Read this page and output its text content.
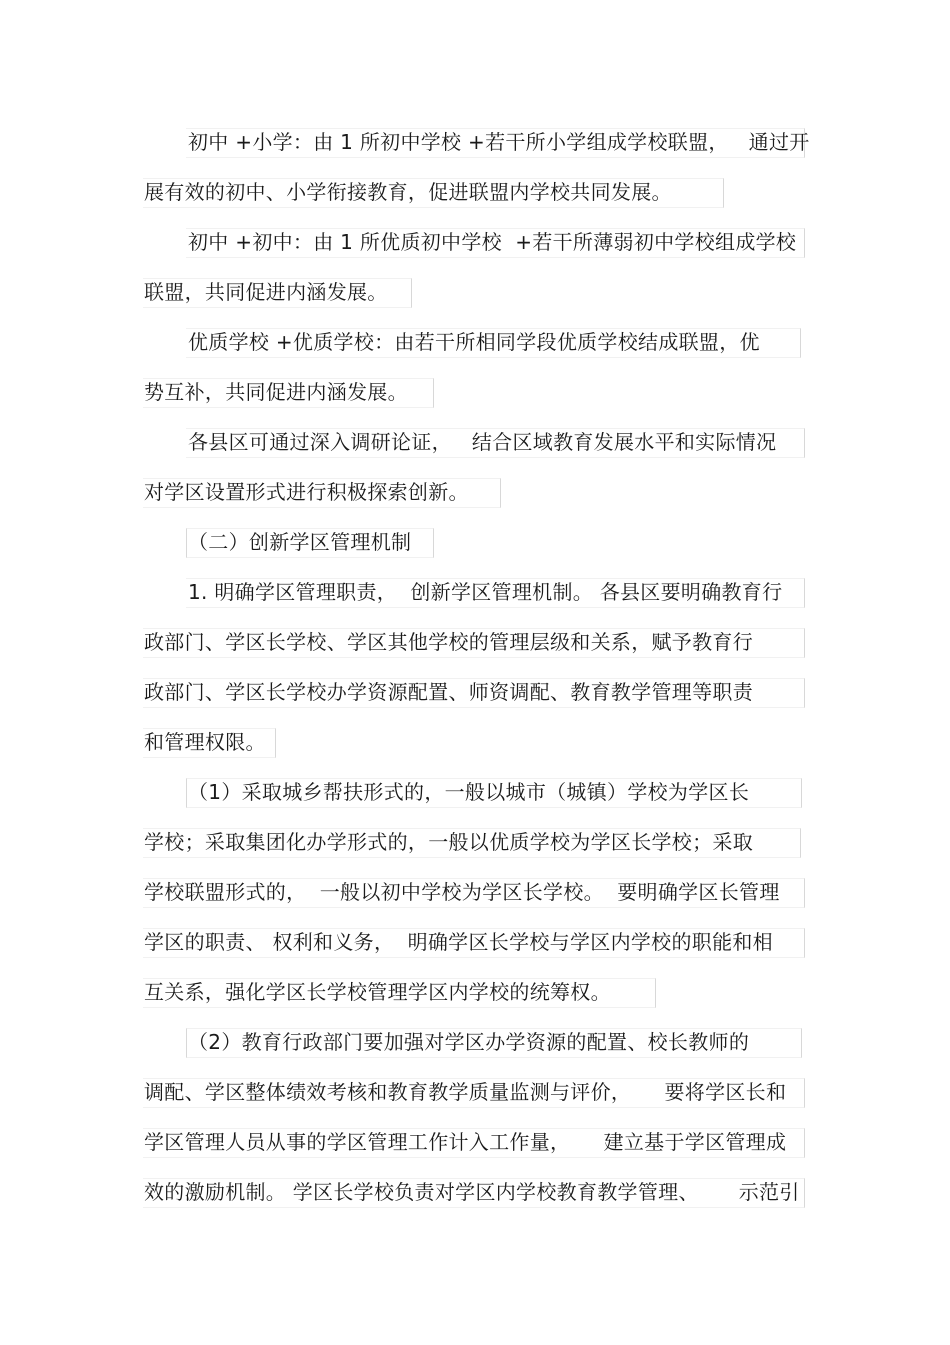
初中 +小学：由 1 所初中学校 +若干所小学组成学校联盟，   通过开
展有效的初中、小学衔接教育，促进联盟内学校共同发展。
初中 +初中：由 1 所优质初中学校  +若干所薄弱初中学校组成学校
联盟，共同促进内涵发展。
优质学校 +优质学校：由若干所相同学段优质学校结成联盟，优
势互补，共同促进内涵发展。
各县区可通过深入调研论证，   结合区域教育发展水平和实际情况
对学区设置形式进行积极探索创新。
（二）创新学区管理机制
1. 明确学区管理职责，  创新学区管理机制。 各县区要明确教育行
政部门、学区长学校、学区其他学校的管理层级和关系，赋予教育行
政部门、学区长学校办学资源配置、师资调配、教育教学管理等职责
和管理权限。
（1）采取城乡帮扶形式的，一般以城市（城镇）学校为学区长
学校；采取集团化办学形式的，一般以优质学校为学区长学校；采取
学校联盟形式的，  一般以初中学校为学区长学校。  要明确学区长管理
学区的职责、 权利和义务，  明确学区长学校与学区内学校的职能和相
互关系，强化学区长学校管理学区内学校的统筹权。
（2）教育行政部门要加强对学区办学资源的配置、校长教师的
调配、学区整体绩效考核和教育教学质量监测与评价，     要将学区长和
学区管理人员从事的学区管理工作计入工作量，     建立基于学区管理成
效的激励机制。 学区长学校负责对学区内学校教育教学管理、      示范引
